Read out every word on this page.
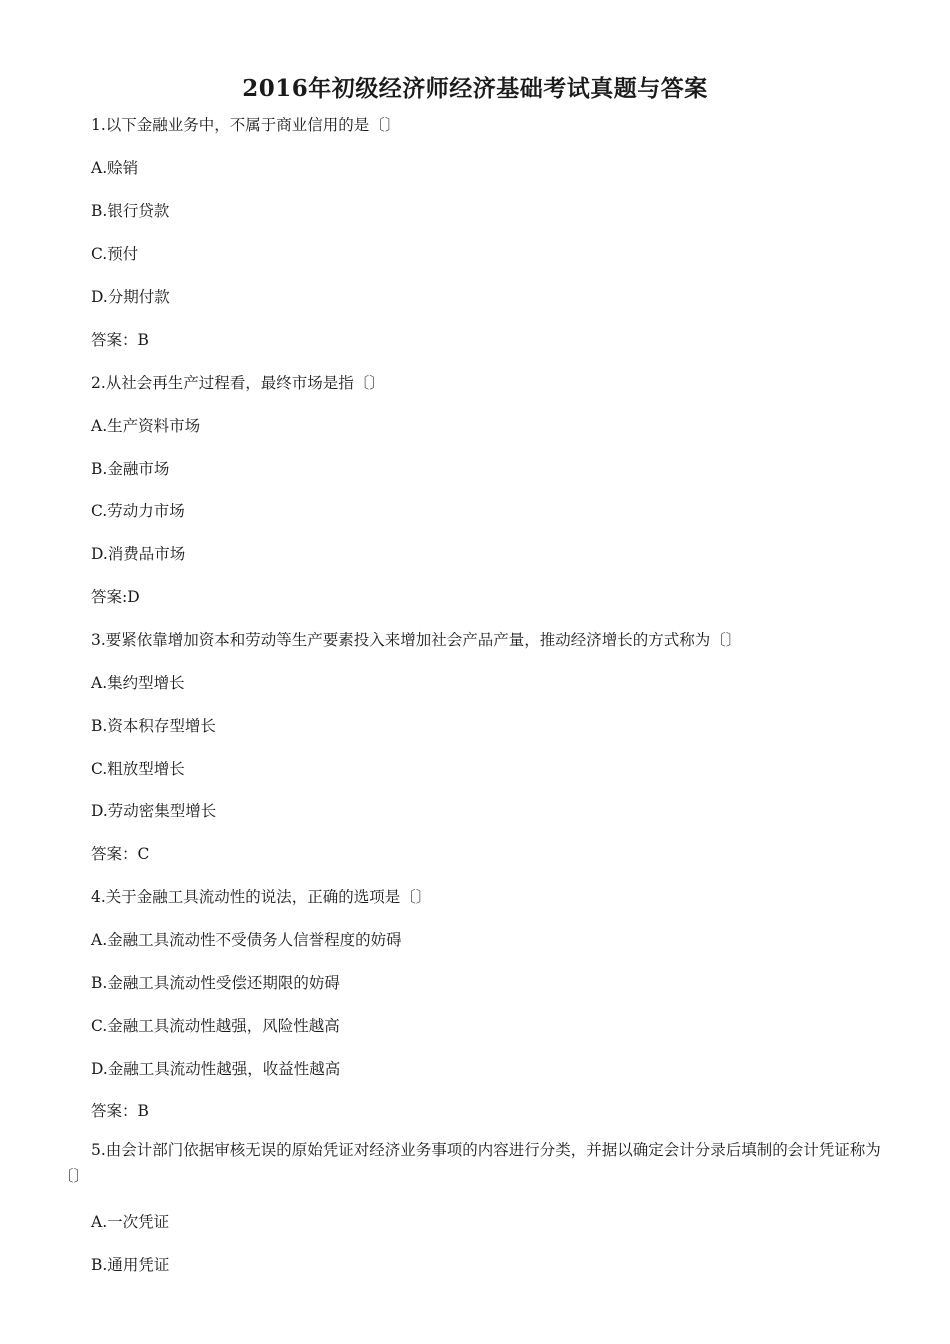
2016年初级经济师经济基础考试真题与答案
1.以下金融业务中，不属于商业信用的是〔〕
A.赊销
B.银行贷款
C.预付
D.分期付款
答案：B
2.从社会再生产过程看，最终市场是指〔〕
A.生产资料市场
B.金融市场
C.劳动力市场
D.消费品市场
答案:D
3.要紧依靠增加资本和劳动等生产要素投入来增加社会产品产量，推动经济增长的方式称为〔〕
A.集约型增长
B.资本积存型增长
C.粗放型增长
D.劳动密集型增长
答案：C
4.关于金融工具流动性的说法，正确的选项是〔〕
A.金融工具流动性不受债务人信誉程度的妨碍
B.金融工具流动性受偿还期限的妨碍
C.金融工具流动性越强，风险性越高
D.金融工具流动性越强，收益性越高
答案：B
5.由会计部门依据审核无误的原始凭证对经济业务事项的内容进行分类，并据以确定会计分录后填制的会计凭证称为〔〕
A.一次凭证
B.通用凭证
